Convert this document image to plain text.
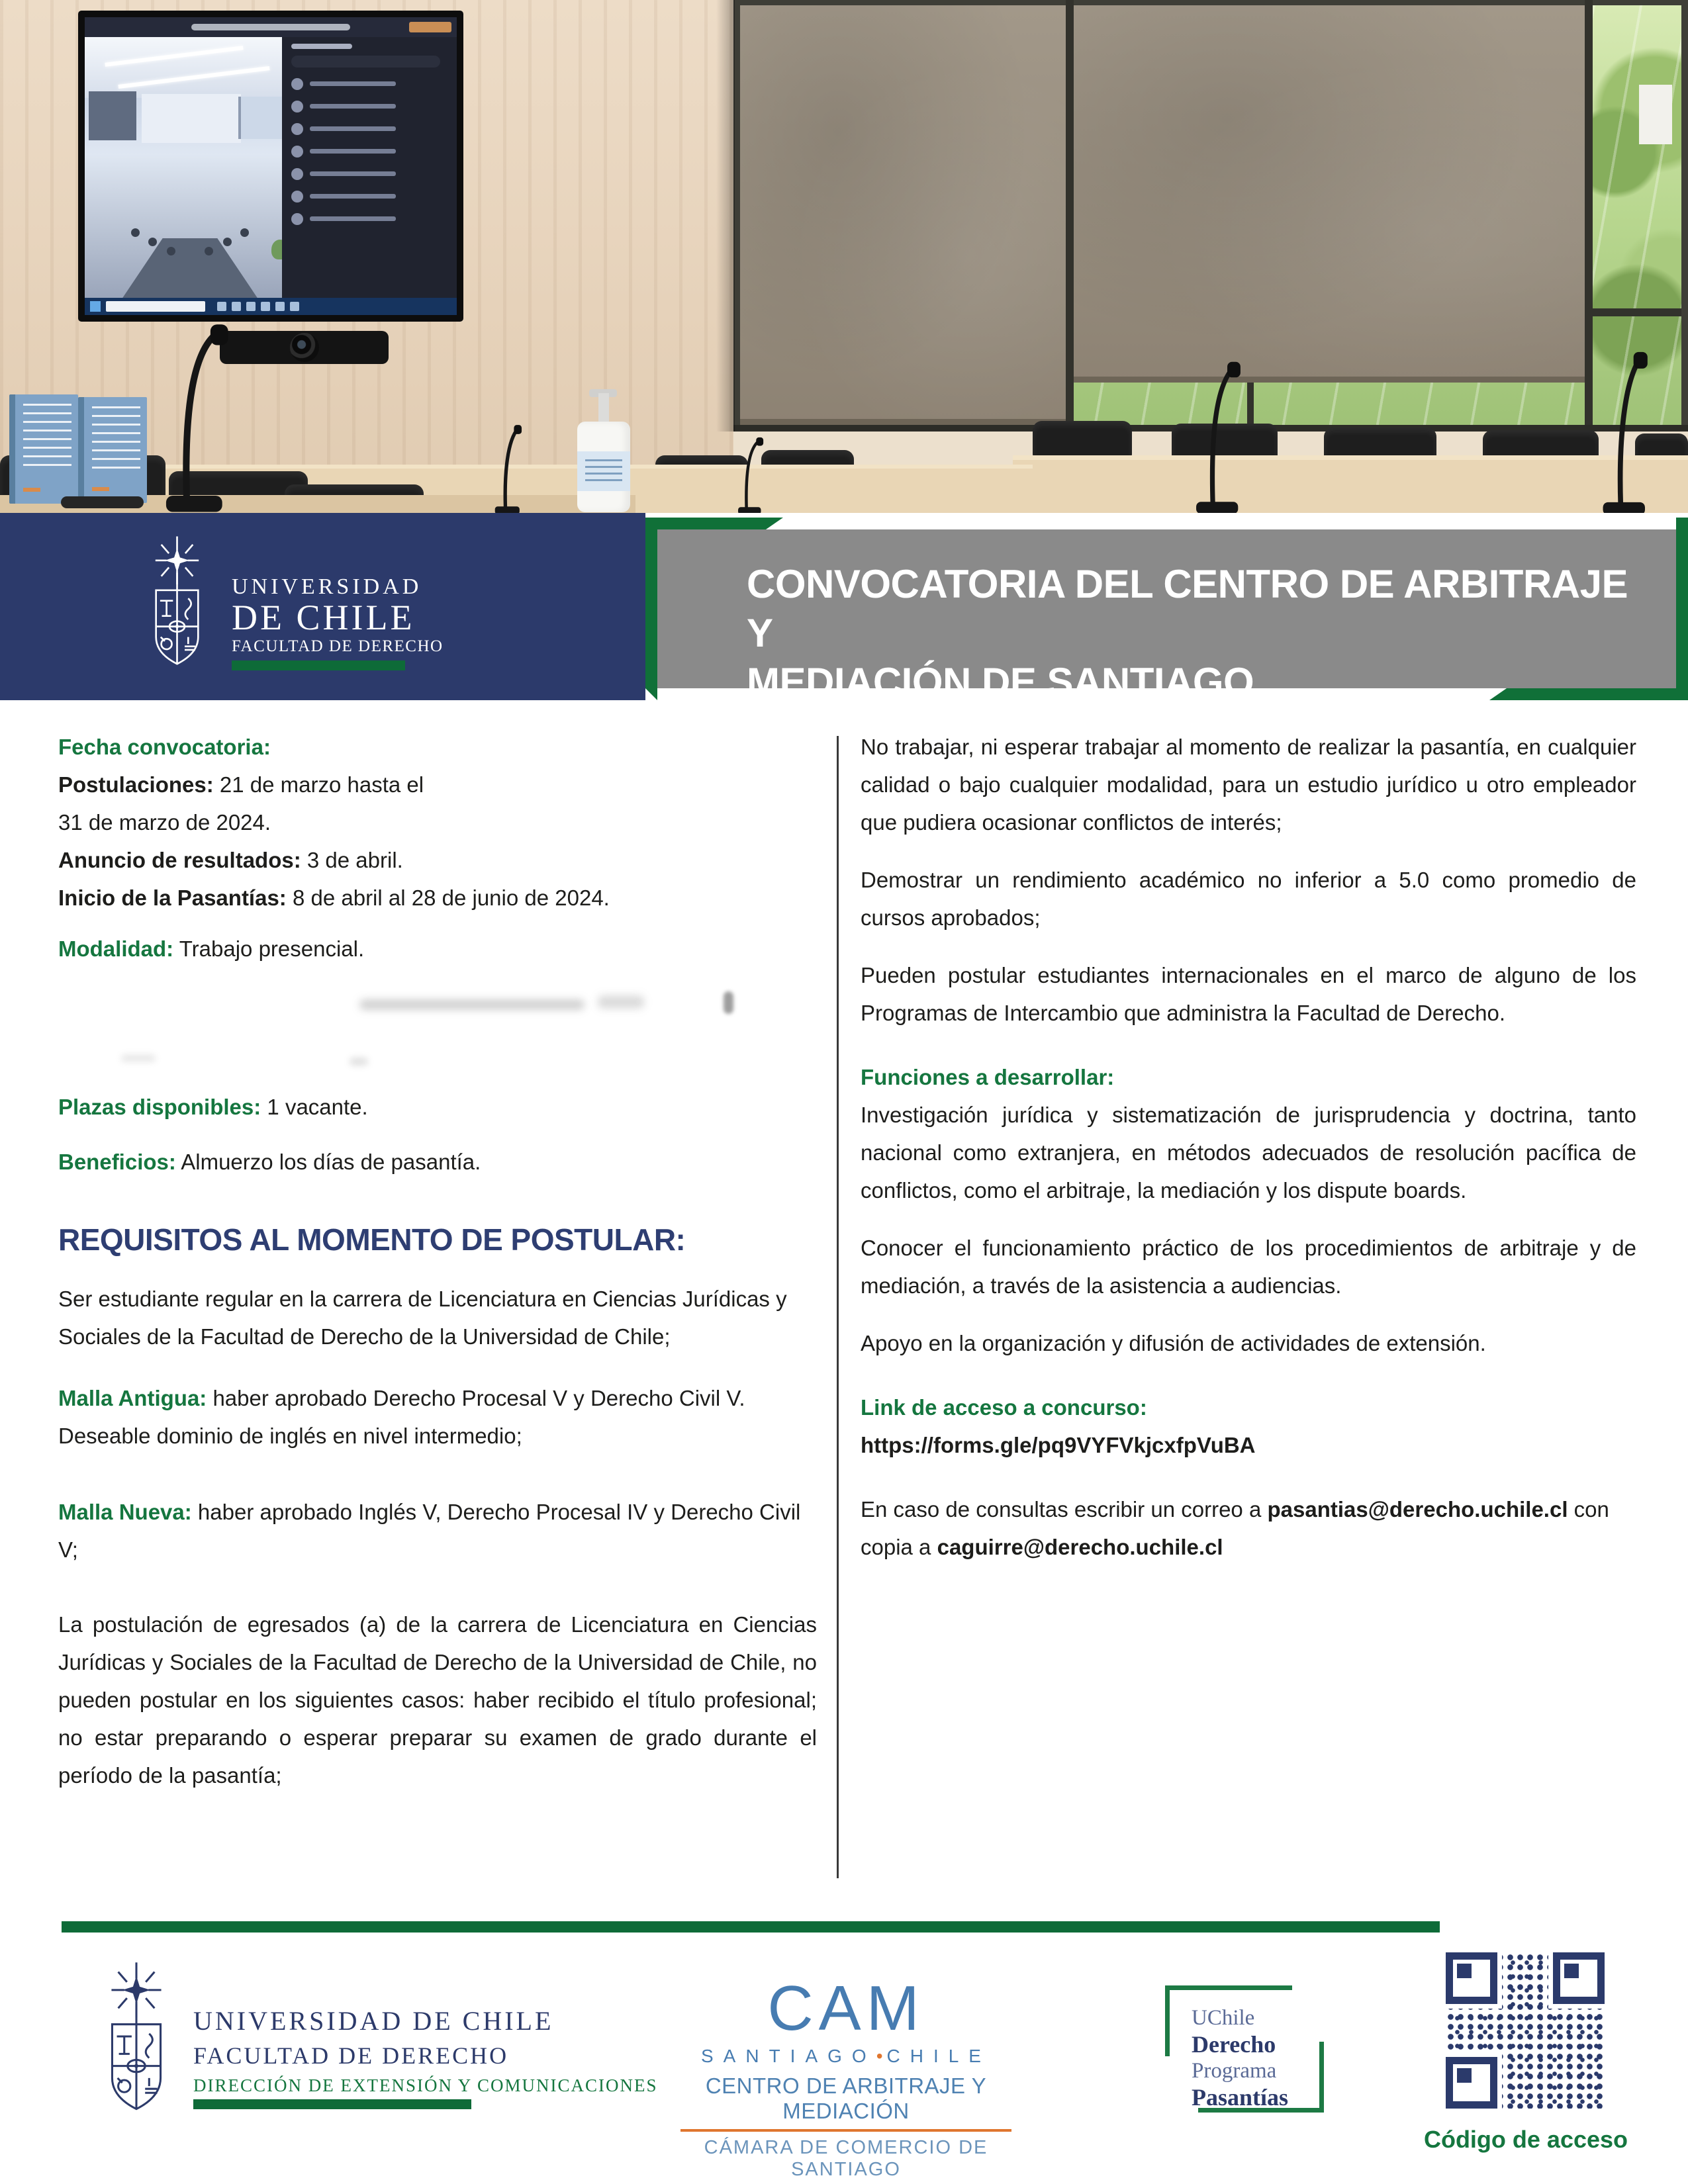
UNIVERSIDAD
DE CHILE
FACULTAD DE DERECHO
CONVOCATORIA DEL CENTRO DE ARBITRAJE Y
MEDIACIÓN DE SANTIAGO

Fecha convocatoria:

Postulaciones: 21 de marzo hasta el
31 de marzo de 2024.

Anuncio de resultados: 3 de abril.

Inicio de la Pasantías: 8 de abril al 28 de junio de 2024.

Modalidad: Trabajo presencial.

Plazas disponibles: 1 vacante.

Beneficios: Almuerzo los días de pasantía.

REQUISITOS AL MOMENTO DE POSTULAR:

Ser estudiante regular en la carrera de Licenciatura en Ciencias Jurídicas y Sociales de la Facultad de Derecho de la Universidad de Chile;

Malla Antigua: haber aprobado Derecho Procesal V y Derecho Civil V. Deseable dominio de inglés en nivel intermedio;

Malla Nueva: haber aprobado Inglés V, Derecho Procesal IV y Derecho Civil V;

La postulación de egresados (a) de la carrera de Licenciatura en Ciencias Jurídicas y Sociales de la Facultad de Derecho de la Universidad de Chile, no pueden postular en los siguientes casos: haber recibido el título profesional; no estar preparando o esperar preparar su examen de grado durante el período de la pasantía;

No trabajar, ni esperar trabajar al momento de realizar la pasantía, en cualquier calidad o bajo cualquier modalidad, para un estudio jurídico u otro empleador que pudiera ocasionar conflictos de interés;

Demostrar un rendimiento académico no inferior a 5.0 como promedio de cursos aprobados;

Pueden postular estudiantes internacionales en el marco de alguno de los Programas de Intercambio que administra la Facultad de Derecho.

Funciones a desarrollar:

Investigación jurídica y sistematización de jurisprudencia y doctrina, tanto nacional como extranjera, en métodos adecuados de resolución pacífica de conflictos, como el arbitraje, la mediación y los dispute boards.

Conocer el funcionamiento práctico de los procedimientos de arbitraje y de mediación, a través de la asistencia a audiencias.

Apoyo en la organización y difusión de actividades de extensión.

Link de acceso a concurso:

https://forms.gle/pq9VYFVkjcxfpVuBA

En caso de consultas escribir un correo a pasantias@derecho.uchile.cl con copia a caguirre@derecho.uchile.cl

UNIVERSIDAD DE CHILE
FACULTAD DE DERECHO
DIRECCIÓN DE EXTENSIÓN Y COMUNICACIONES
CAM
SANTIAGO•CHILE
CENTRO DE ARBITRAJE Y MEDIACIÓN
CÁMARA DE COMERCIO DE SANTIAGO
UChile
Derecho
Programa
Pasantías
Código de acceso
